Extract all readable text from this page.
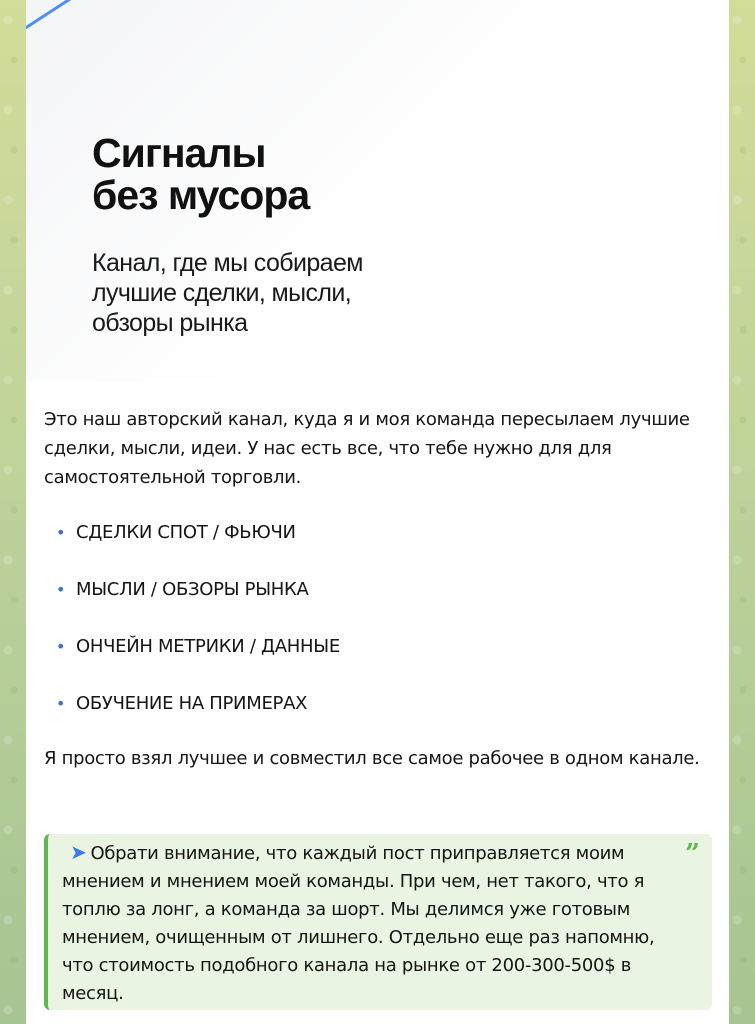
Сигналы
без мусора

Канал, где мы собираем
лучшие сделки, мысли,
обзоры рынка

Это наш авторский канал, куда я и моя команда пересылаем лучшие сделки, мысли, идеи. У нас есть все, что тебе нужно для для самостоятельной торговли.
• СДЕЛКИ СПОТ / ФЬЮЧИ
• МЫСЛИ / ОБЗОРЫ РЫНКА
• ОНЧЕЙН МЕТРИКИ / ДАННЫЕ
• ОБУЧЕНИЕ НА ПРИМЕРАХ
Я просто взял лучшее и совместил все самое рабочее в одном канале.
”
➤ Обрати внимание, что каждый пост приправляется моим мнением и мнением моей команды. При чем, нет такого, что я топлю за лонг, а команда за шорт. Мы делимся уже готовым мнением, очищенным от лишнего. Отдельно еще раз напомню, что стоимость подобного канала на рынке от 200-300-500$ в месяц.
